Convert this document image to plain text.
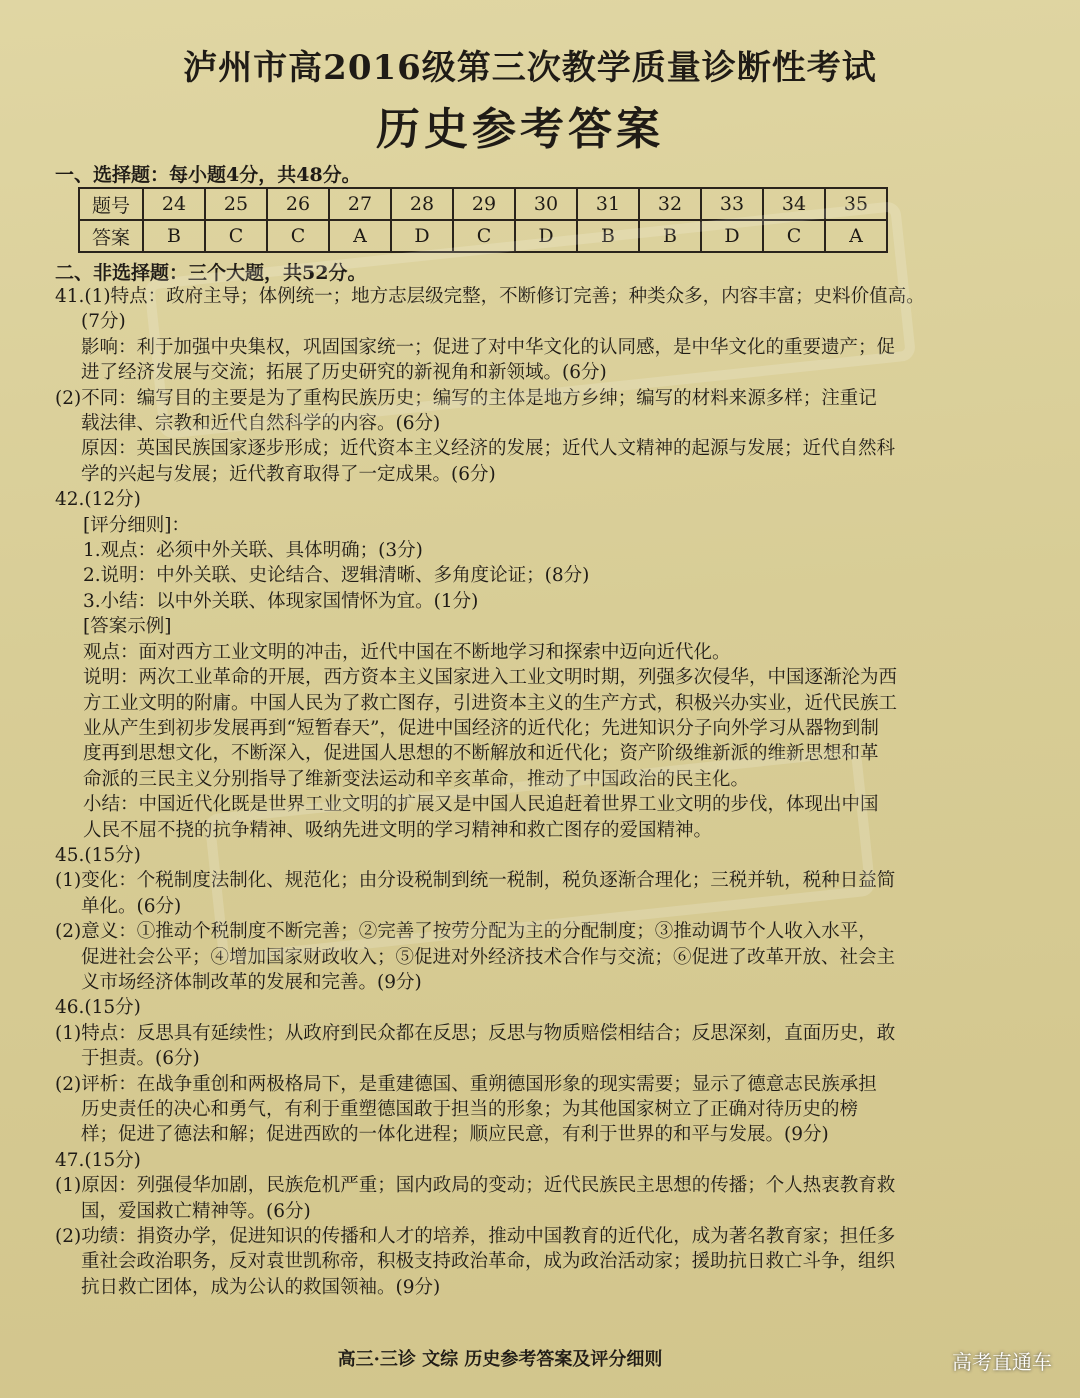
泸州市高2016级第三次教学质量诊断性考试
历史参考答案
一、选择题：每小题4分，共48分。
题号	24	25	26	27	28	29	30	31	32	33	34	35
答案	B	C	C	A	D	C	D	B	B	D	C	A
二、非选择题：三个大题，共52分。

41.(1)特点：政府主导；体例统一；地方志层级完整，不断修订完善；种类众多，内容丰富；史料价值高。

(7分)

影响：利于加强中央集权，巩固国家统一；促进了对中华文化的认同感，是中华文化的重要遗产；促

进了经济发展与交流；拓展了历史研究的新视角和新领域。(6分)

(2)不同：编写目的主要是为了重构民族历史；编写的主体是地方乡绅；编写的材料来源多样；注重记

载法律、宗教和近代自然科学的内容。(6分)

原因：英国民族国家逐步形成；近代资本主义经济的发展；近代人文精神的起源与发展；近代自然科

学的兴起与发展；近代教育取得了一定成果。(6分)

42.(12分)

[评分细则]：

1.观点：必须中外关联、具体明确；(3分)

2.说明：中外关联、史论结合、逻辑清晰、多角度论证；(8分)

3.小结：以中外关联、体现家国情怀为宜。(1分)

[答案示例]

观点：面对西方工业文明的冲击，近代中国在不断地学习和探索中迈向近代化。

说明：两次工业革命的开展，西方资本主义国家进入工业文明时期，列强多次侵华，中国逐渐沦为西

方工业文明的附庸。中国人民为了救亡图存，引进资本主义的生产方式，积极兴办实业，近代民族工

业从产生到初步发展再到“短暂春天”，促进中国经济的近代化；先进知识分子向外学习从器物到制

度再到思想文化，不断深入，促进国人思想的不断解放和近代化；资产阶级维新派的维新思想和革

命派的三民主义分别指导了维新变法运动和辛亥革命，推动了中国政治的民主化。

小结：中国近代化既是世界工业文明的扩展又是中国人民追赶着世界工业文明的步伐，体现出中国

人民不屈不挠的抗争精神、吸纳先进文明的学习精神和救亡图存的爱国精神。

45.(15分)

(1)变化：个税制度法制化、规范化；由分设税制到统一税制，税负逐渐合理化；三税并轨，税种日益简

单化。(6分)

(2)意义：①推动个税制度不断完善；②完善了按劳分配为主的分配制度；③推动调节个人收入水平，

促进社会公平；④增加国家财政收入；⑤促进对外经济技术合作与交流；⑥促进了改革开放、社会主

义市场经济体制改革的发展和完善。(9分)

46.(15分)

(1)特点：反思具有延续性；从政府到民众都在反思；反思与物质赔偿相结合；反思深刻，直面历史，敢

于担责。(6分)

(2)评析：在战争重创和两极格局下，是重建德国、重朔德国形象的现实需要；显示了德意志民族承担

历史责任的决心和勇气，有利于重塑德国敢于担当的形象；为其他国家树立了正确对待历史的榜

样；促进了德法和解；促进西欧的一体化进程；顺应民意，有利于世界的和平与发展。(9分)

47.(15分)

(1)原因：列强侵华加剧，民族危机严重；国内政局的变动；近代民族民主思想的传播；个人热衷教育救

国，爱国救亡精神等。(6分)

(2)功绩：捐资办学，促进知识的传播和人才的培养，推动中国教育的近代化，成为著名教育家；担任多

重社会政治职务，反对袁世凯称帝，积极支持政治革命，成为政治活动家；援助抗日救亡斗争，组织

抗日救亡团体，成为公认的救国领袖。(9分)

高三·三诊 文综 历史参考答案及评分细则	高考直通车
